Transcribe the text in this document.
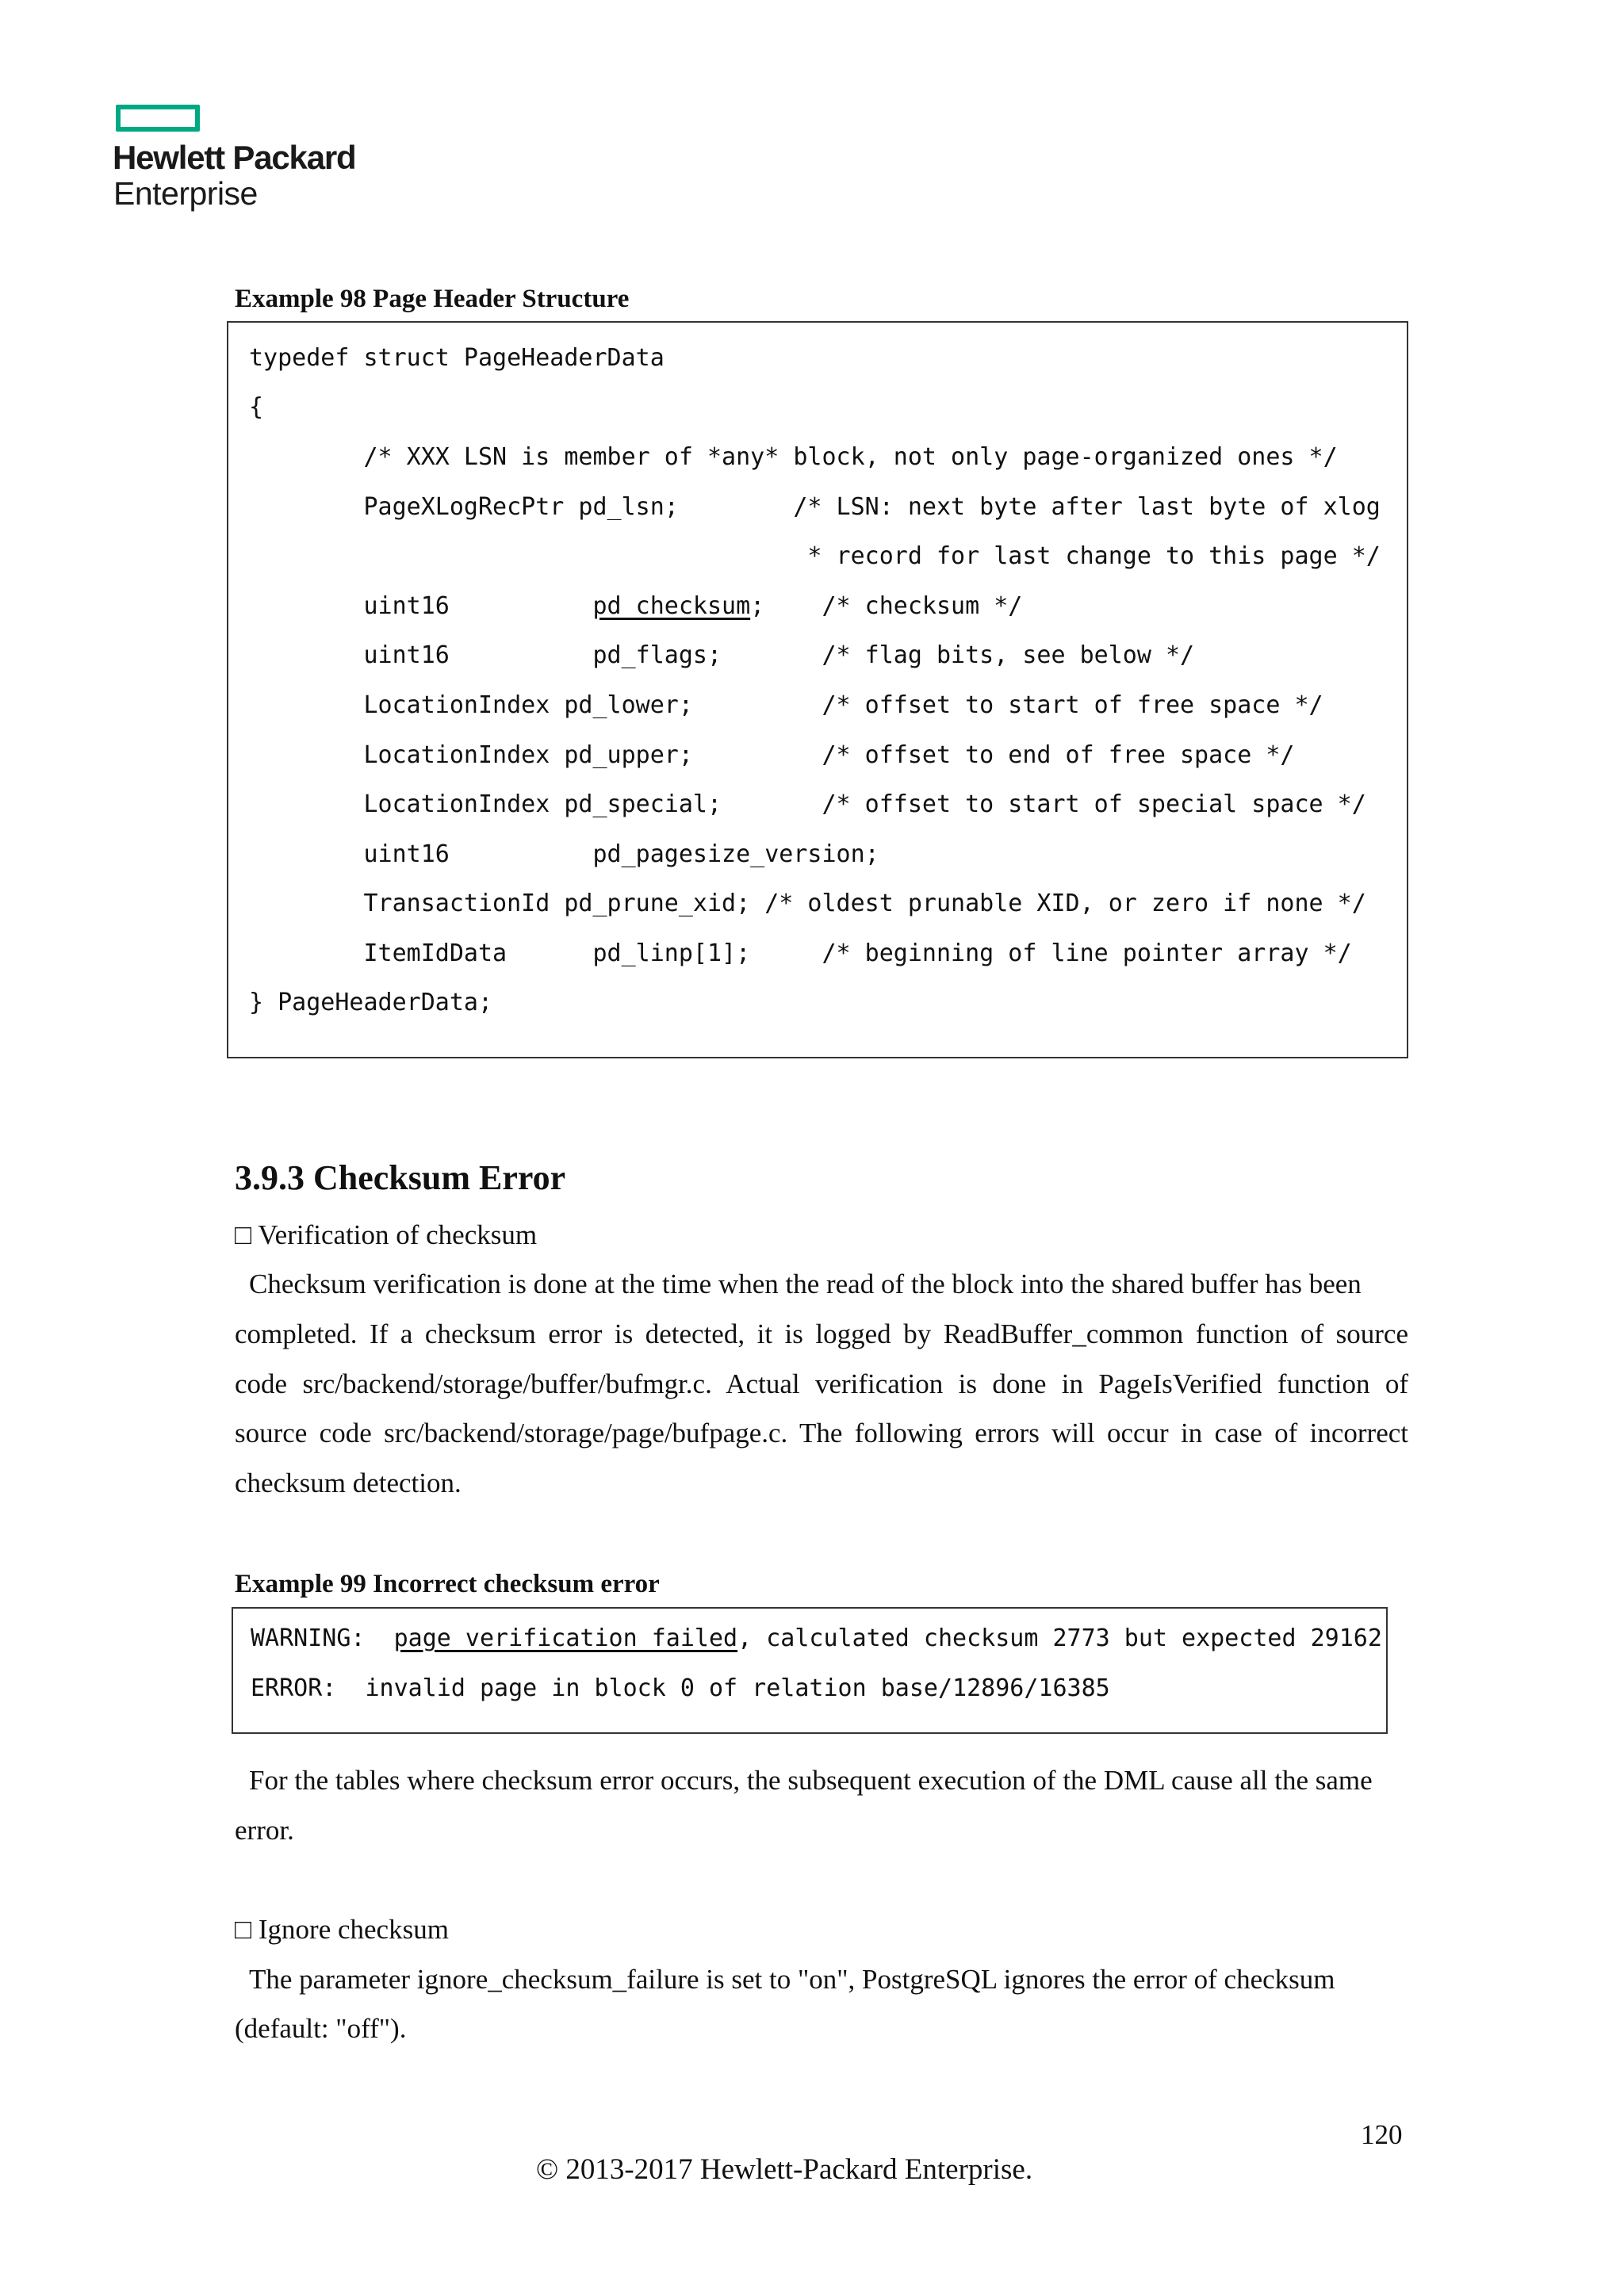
Hewlett Packard
Enterprise
Example 98 Page Header Structure
typedef struct PageHeaderData
{
/* XXX LSN is member of *any* block, not only page-organized ones */
PageXLogRecPtr pd_lsn;        /* LSN: next byte after last byte of xlog
* record for last change to this page */
uint16          pd_checksum;    /* checksum */
uint16          pd_flags;       /* flag bits, see below */
LocationIndex pd_lower;         /* offset to start of free space */
LocationIndex pd_upper;         /* offset to end of free space */
LocationIndex pd_special;       /* offset to start of special space */
uint16          pd_pagesize_version;
TransactionId pd_prune_xid; /* oldest prunable XID, or zero if none */
ItemIdData      pd_linp[1];     /* beginning of line pointer array */
} PageHeaderData;
3.9.3 Checksum Error
□ Verification of checksum
Checksum verification is done at the time when the read of the block into the shared buffer has been
completed. If a checksum error is detected, it is logged by ReadBuffer_common function of source
code src/backend/storage/buffer/bufmgr.c. Actual verification is done in PageIsVerified function of
source code src/backend/storage/page/bufpage.c. The following errors will occur in case of incorrect
checksum detection.
Example 99 Incorrect checksum error
WARNING:  page verification failed, calculated checksum 2773 but expected 29162
ERROR:  invalid page in block 0 of relation base/12896/16385
For the tables where checksum error occurs, the subsequent execution of the DML cause all the same
error.
□ Ignore checksum
The parameter ignore_checksum_failure is set to "on", PostgreSQL ignores the error of checksum
(default: "off").
120
© 2013-2017 Hewlett-Packard Enterprise.
